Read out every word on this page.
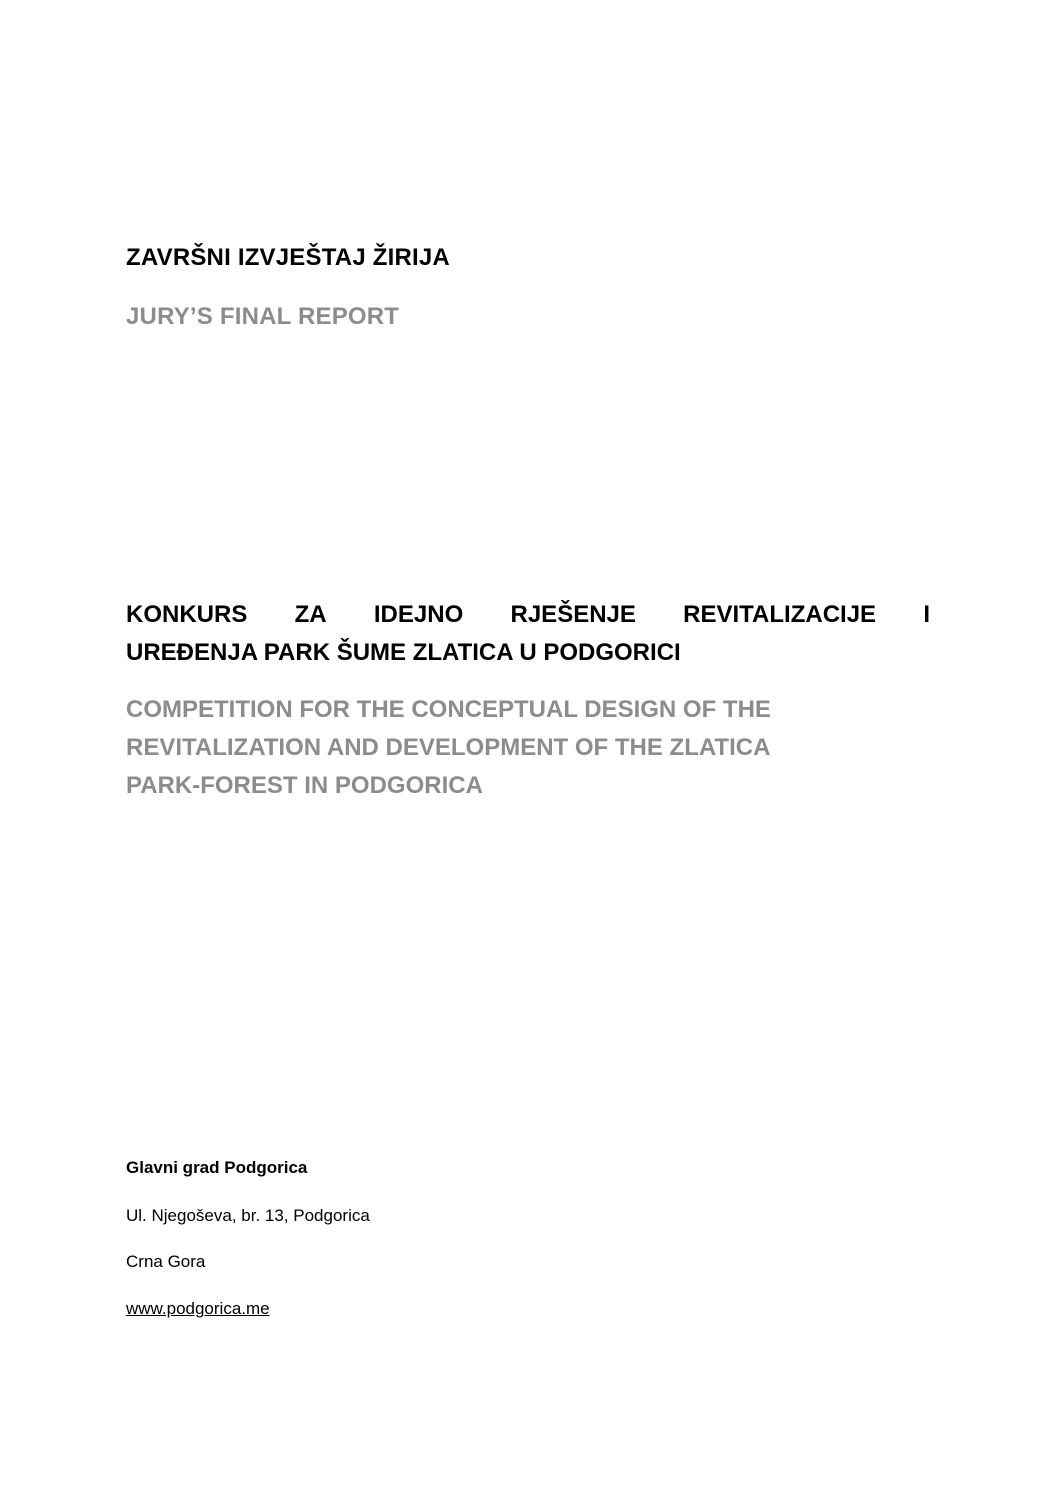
ZAVRŠNI IZVJEŠTAJ ŽIRIJA
JURY’S FINAL REPORT
KONKURS ZA IDEJNO RJEŠENJE REVITALIZACIJE I
UREĐENJA PARK ŠUME ZLATICA U PODGORICI
COMPETITION FOR THE CONCEPTUAL DESIGN OF THE
REVITALIZATION AND DEVELOPMENT OF THE ZLATICA
PARK-FOREST IN PODGORICA

Glavni grad Podgorica

Ul. Njegoševa, br. 13, Podgorica

Crna Gora

www.podgorica.me
